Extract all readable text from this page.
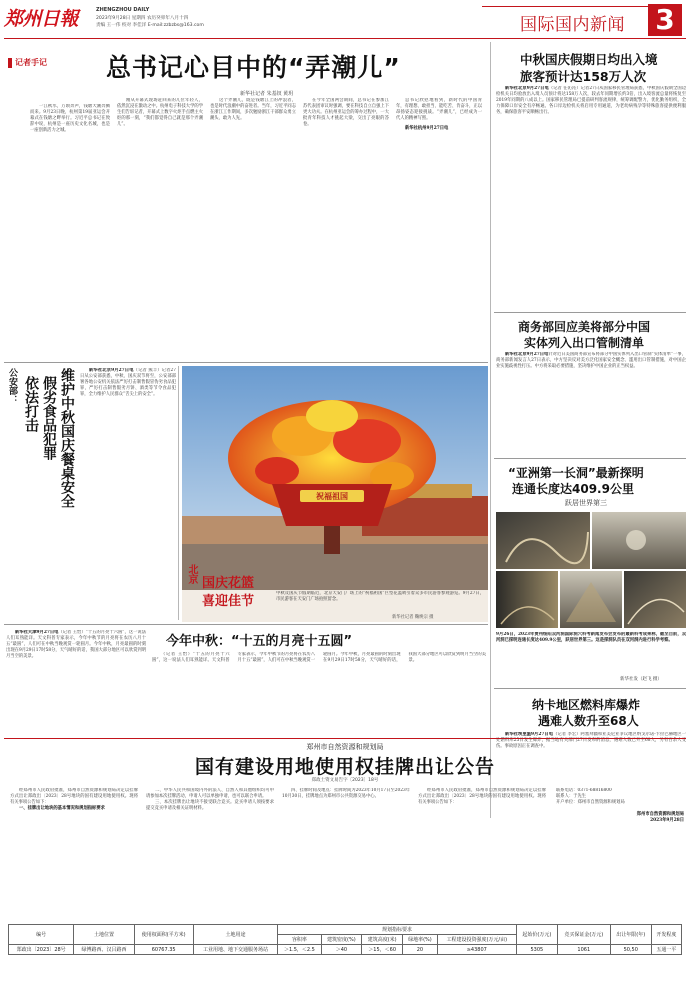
郑州日報	ZHENGZHOU DAILY
2023年9月28日 星期四 农历癸卯年八月十四
责编 王一伟 校对 李佳洋 E-mail:zzbzbs@163.com	国际国内新闻 3
记者手记 总书记心目中的“弄潮儿”
新华社记者 朱基钗 黄玥

一江秋水，万顷奔声，钱塘大潮奔腾而来。9月23日晚，杭州第19届亚运会开幕式在钱塘之畔举行。习近平总书记在致辞中说，杭州是一座历史文化名城，也是一座创新活力之城。

刚从开幕式现场赶回来的几位年轻人，依然沉浸在激动之中。杭州电子科技大学的学生们告诉记者，开幕式上数字火炬手点燃主火炬的那一刻，“我们都觉得自己就是那个弄潮儿”。

这个弄潮儿，既是钱塘江上的冲浪者，也是时代浪潮中的奋进者。当年，习近平同志在浙江工作期间，多次勉励浙江干部群众勇立潮头、敢为人先。

在今年全国两会期间，总书记在参加江苏代表团审议时强调，要在科技自立自强上下更大功夫。在杭州亚运会的筹办过程中，一大批青年科技人才挑起大梁，交出了亮眼的答卷。

总书记欣慰地看到，新时代的中国青年，有理想、敢担当、能吃苦、肯奋斗，正以昂扬姿态迎接挑战。“弄潮儿”，已经成为一代人的精神写照。

新华社杭州9月27日电

中秋国庆假期日均出入境
旅客预计达158万人次

新华社北京9月27日电（记者 任沁沁）记者27日从国家移民管理局获悉，中秋国庆假期全国边检机关日均验放出入境人员预计将达158万人次，较去年同期增长约3倍，出入境客流总量将恢复至2019年同期的八成以上。国家移民管理局已提前研判客流规律，统筹调配警力，优化勤务组织，全力保障口岸安全有序畅通。各口岸边检机关将启用专用通道，为老幼病残孕等特殊旅客提供便利服务，确保旅客平安顺畅出行。

商务部回应美将部分中国
实体列入出口管制清单

新华社北京9月27日电针对近日美国商务部宣布将部分中国实体列入出口管制“实体清单”一事，商务部新闻发言人27日表示，中方坚决反对美方泛化国家安全概念、滥用出口管制措施，对中国企业实施歧视性打压。中方将采取必要措施，坚决维护中国企业的正当权益。

“亚洲第一长洞”最新探明
连通长度达409.9公里
跃居世界第三

9月26日，2023年贵州绥阳双河洞国际洞穴科考新闻发布会发布的最新科考成果称，截至目前，双河洞已探明连通长度达409.9公里，跃居世界第三。这是探洞队员在双河洞内进行科学考察。

新华社发（赵飞 摄）
纳卡地区燃料库爆炸
遇难人数升至68人

新华社埃里温9月27日电（记者 李宏）阿塞拜疆和亚美尼亚争议地区纳戈尔诺-卡拉巴赫地区一处燃料库25日发生爆炸，据当地有关部门27日发布的消息，遇难人数已升至68人，另有百余人受伤。事故原因正在调查中。

公安部： 依法打击 假劣食品犯罪 维护中秋国庆餐桌安全	新华社北京9月27日电（记者 熊丰）记者27日从公安部获悉，中秋、国庆双节将至，公安部部署各地公安机关依法严厉打击制售假冒伪劣食品犯罪，严厉打击制售假劣月饼、酒类等节令食品犯罪，全力维护人民群众“舌尖上的安全”。

祝福祖国
北京 国庆花篮
喜迎佳节

中秋及国庆节假期临近，北京天安门广场上的“祝福祖国”巨型花篮吸引着众多市民游客参观游览。9月27日，市民游客在天安门广场拍照留念。

新华社记者 鞠焕宗 摄
今年中秋：“十五的月亮十五圆”

新华社天津9月27日电（记者 王怡）“十五的月亮十六圆”，这一说法人们耳熟能详。天文科普专家表示，今年中秋节的月亮将在农历八月十五“最圆”，人们可在中秋当晚观赏一轮圆月。今年中秋，月亮最圆的时刻出现在9月29日17时58分，天气晴好的话，我国大部分地区可以欣赏到明月当空的美景。	（记者 王怡）“十五的月亮十六圆”，这一说法人们耳熟能详。天文科普专家表示，今年中秋节的月亮将在农历八月十五“最圆”，人们可在中秋当晚观赏一轮圆月。今年中秋，月亮最圆的时刻出现在9月29日17时58分，天气晴好的话，我国大部分地区可以欣赏到明月当空的美景。

郑州市自然资源和规划局
国有建设用地使用权挂牌出让公告
郑政土资文易告字〔2023〕18号

经郑州市人民政府批准，郑州市自然资源和规划局决定以挂牌方式出让郑政出〔2023〕28号地块的国有建设用地使用权。现将有关事项公告如下：

一、挂牌出让地块的基本情况和规划指标要求

二、中华人民共和国境内外的法人、自然人和其他组织均可申请参加本次挂牌活动，申请人可以单独申请，也可以联合申请。

三、本次挂牌出让地块不接受联合竞买。竞买申请人须按要求提交竞买申请及相关证明材料。

四、挂牌时间及地点：挂牌时间为2023年10月17日至2023年10月30日，挂牌地点为郑州市公共资源交易中心。

经郑州市人民政府批准，郑州市自然资源和规划局决定以挂牌方式出让郑政出〔2023〕28号地块的国有建设用地使用权。现将有关事项公告如下：

联系电话：0371-68816800

联系人：于先生

开户单位：郑州市自然资源和规划局

郑州市自然资源和规划局

2023年9月28日

编号	土地位置	使用权面积(平方米)	土地用途	规划指标要求					起始价(万元)	竞买保证金(万元)	出让年限(年)	开发程度
				容积率	建筑密度(%)	建筑高度(米)	绿地率(%)	工程建设投资强度(万元/亩)				
郑政出〔2023〕28号	绿博路西、汉吕路西	60767.35	工业用地、地下交通服务场站	＞1.5，＜2.5	＞40	＞15，＜60	20	≥43807	5305	1061	50,50	五通一平
